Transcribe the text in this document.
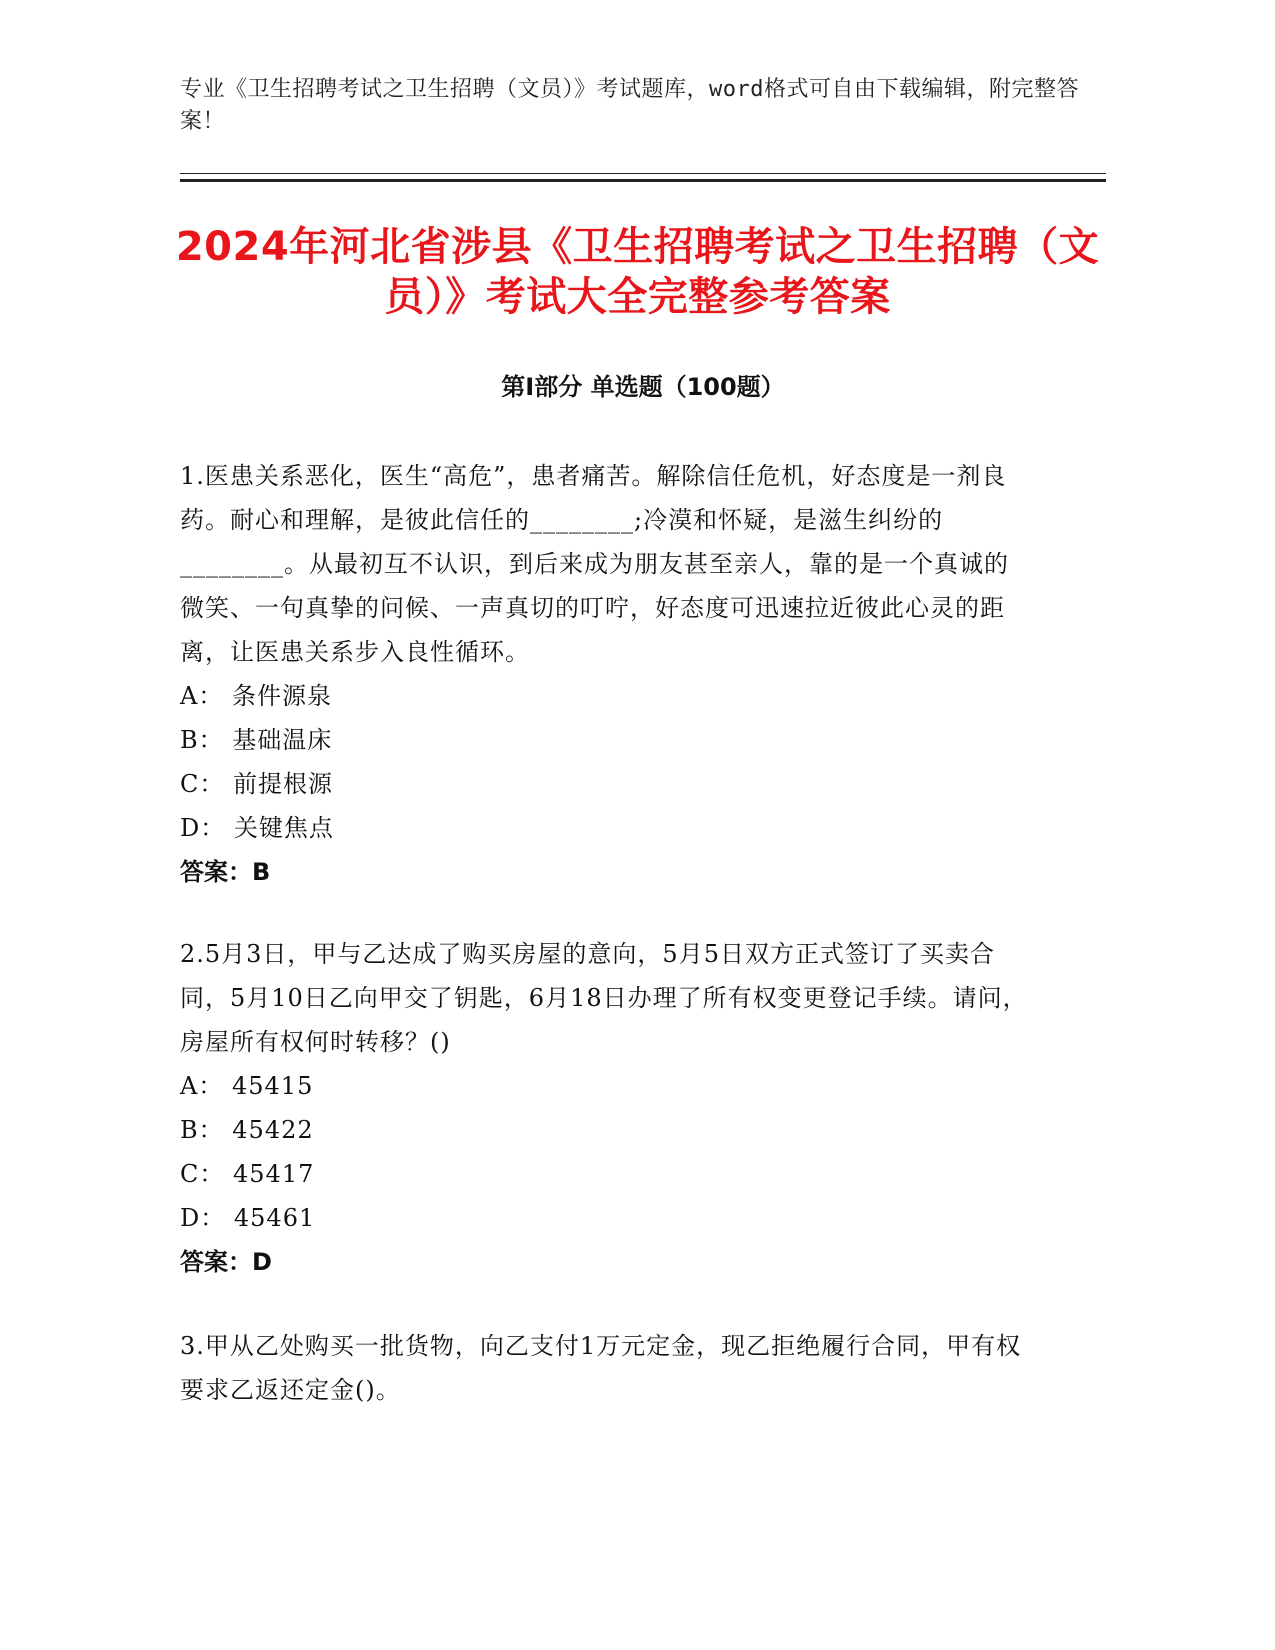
专业《卫生招聘考试之卫生招聘（文员）》考试题库，word格式可自由下载编辑，附完整答案！
2024年河北省涉县《卫生招聘考试之卫生招聘（文员）》考试大全完整参考答案
第Ⅰ部分 单选题（100题）
1.医患关系恶化，医生“高危”，患者痛苦。解除信任危机，好态度是一剂良药。耐心和理解，是彼此信任的________;冷漠和怀疑，是滋生纠纷的________。从最初互不认识，到后来成为朋友甚至亲人，靠的是一个真诚的微笑、一句真挚的问候、一声真切的叮咛，好态度可迅速拉近彼此心灵的距离，让医患关系步入良性循环。
A： 条件源泉
B： 基础温床
C： 前提根源
D： 关键焦点
答案：B
2.5月3日，甲与乙达成了购买房屋的意向，5月5日双方正式签订了买卖合同，5月10日乙向甲交了钥匙，6月18日办理了所有权变更登记手续。请问，房屋所有权何时转移？()
A： 45415
B： 45422
C： 45417
D： 45461
答案：D
3.甲从乙处购买一批货物，向乙支付1万元定金，现乙拒绝履行合同，甲有权要求乙返还定金()。
